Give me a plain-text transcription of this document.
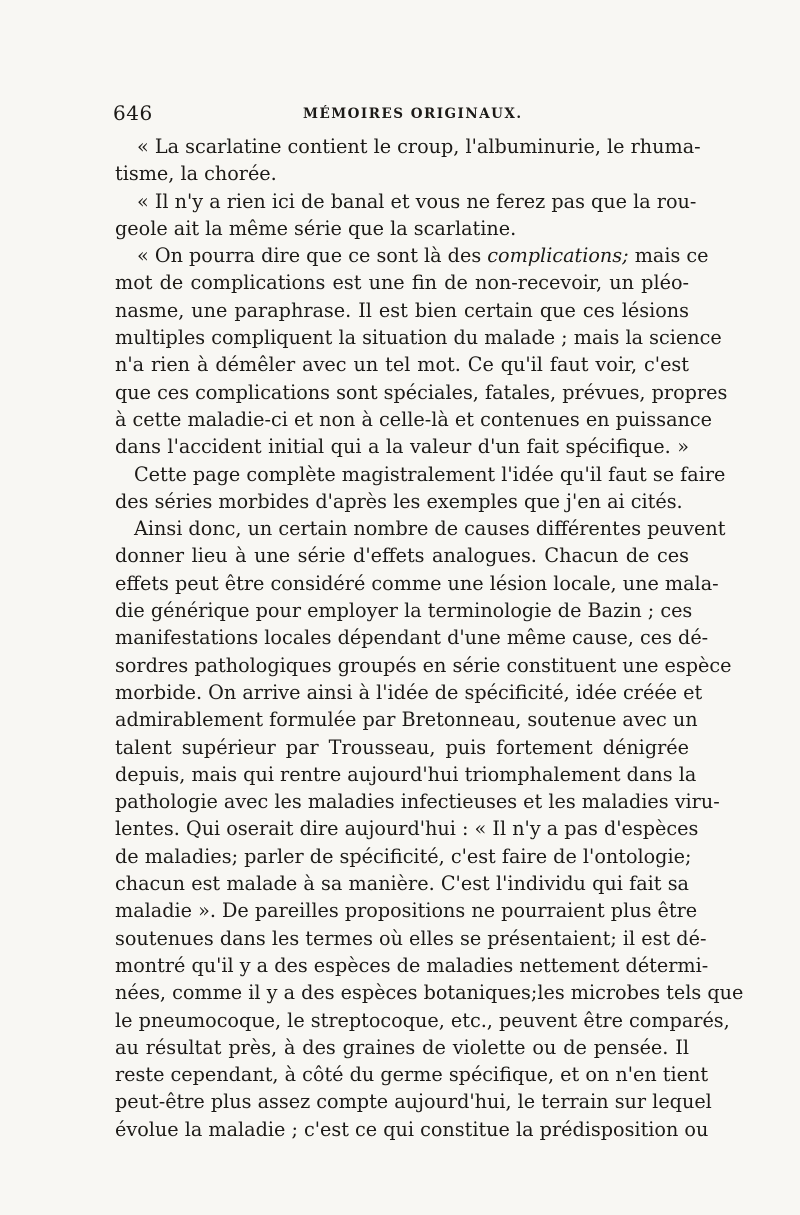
646	MÉMOIRES ORIGINAUX.
« La scarlatine contient le croup, l'albuminurie, le rhuma-
tisme, la chorée.
« Il n'y a rien ici de banal et vous ne ferez pas que la rou-
geole ait la même série que la scarlatine.
« On pourra dire que ce sont là des complications; mais ce
mot de complications est une fin de non-recevoir, un pléo-
nasme, une paraphrase. Il est bien certain que ces lésions
multiples compliquent la situation du malade ; mais la science
n'a rien à démêler avec un tel mot. Ce qu'il faut voir, c'est
que ces complications sont spéciales, fatales, prévues, propres
à cette maladie-ci et non à celle-là et contenues en puissance
dans l'accident initial qui a la valeur d'un fait spécifique. »
Cette page complète magistralement l'idée qu'il faut se faire
des séries morbides d'après les exemples que j'en ai cités.
Ainsi donc, un certain nombre de causes différentes peuvent
donner lieu à une série d'effets analogues. Chacun de ces
effets peut être considéré comme une lésion locale, une mala-
die générique pour employer la terminologie de Bazin ; ces
manifestations locales dépendant d'une même cause, ces dé-
sordres pathologiques groupés en série constituent une espèce
morbide. On arrive ainsi à l'idée de spécificité, idée créée et
admirablement formulée par Bretonneau, soutenue avec un
talent supérieur par Trousseau, puis fortement dénigrée
depuis, mais qui rentre aujourd'hui triomphalement dans la
pathologie avec les maladies infectieuses et les maladies viru-
lentes. Qui oserait dire aujourd'hui : « Il n'y a pas d'espèces
de maladies; parler de spécificité, c'est faire de l'ontologie;
chacun est malade à sa manière. C'est l'individu qui fait sa
maladie ». De pareilles propositions ne pourraient plus être
soutenues dans les termes où elles se présentaient; il est dé-
montré qu'il y a des espèces de maladies nettement détermi-
nées, comme il y a des espèces botaniques;les microbes tels que
le pneumocoque, le streptocoque, etc., peuvent être comparés,
au résultat près, à des graines de violette ou de pensée. Il
reste cependant, à côté du germe spécifique, et on n'en tient
peut-être plus assez compte aujourd'hui, le terrain sur lequel
évolue la maladie ; c'est ce qui constitue la prédisposition ou
